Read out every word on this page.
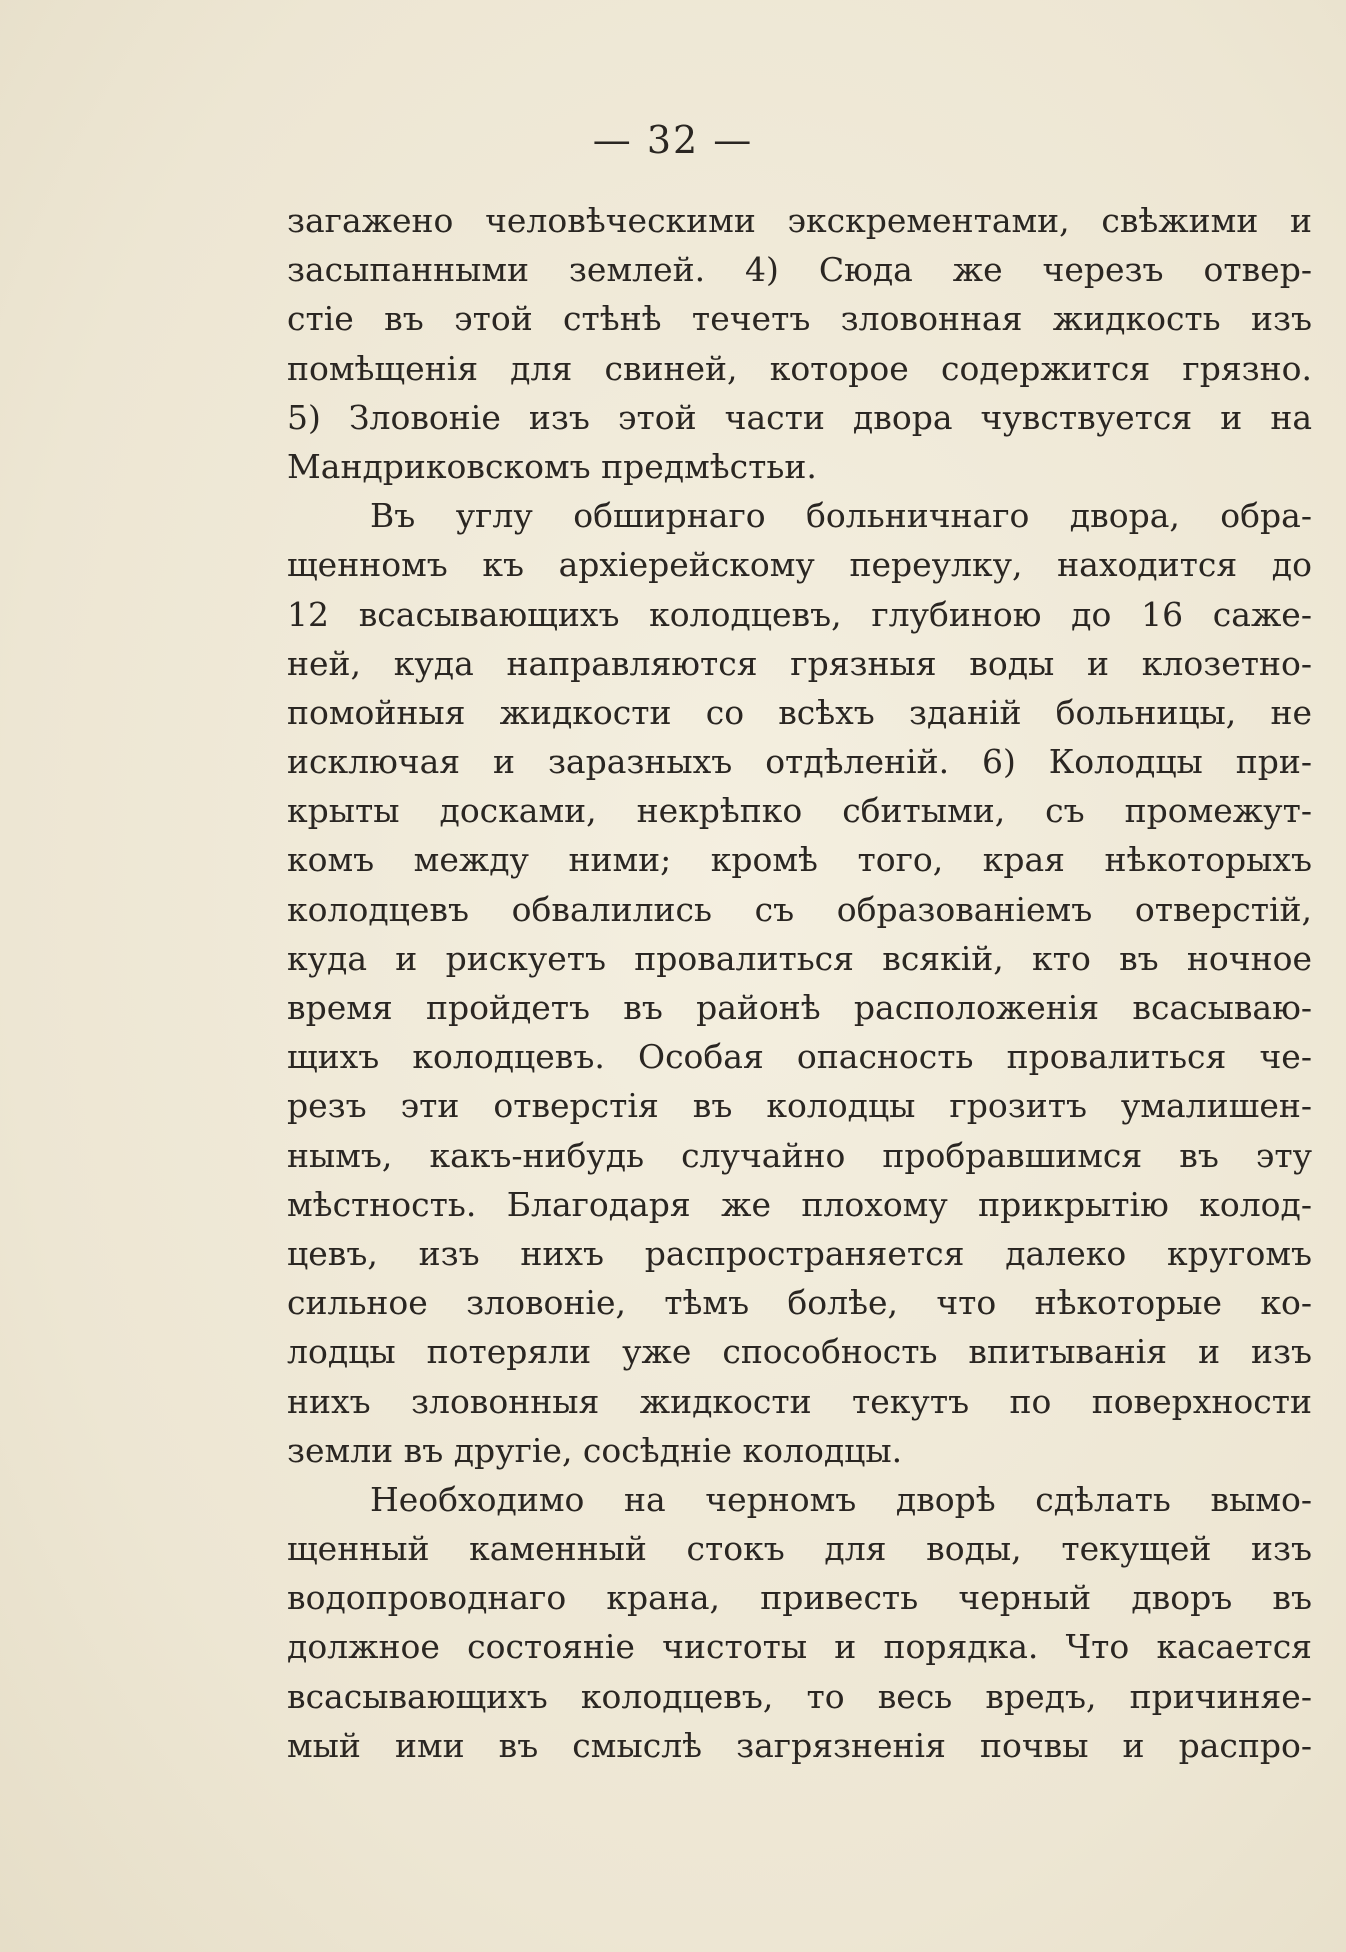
— 32 —
загажено человѣческими экскрементами, свѣжими и
засыпанными землей. 4) Сюда же черезъ отвер-
стіе въ этой стѣнѣ течетъ зловонная жидкость изъ
помѣщенія для свиней, которое содержится грязно.
5) Зловоніе изъ этой части двора чувствуется и на
Мандриковскомъ предмѣстьи.
Въ углу обширнаго больничнаго двора, обра-
щенномъ къ архіерейскому переулку, находится до
12 всасывающихъ колодцевъ, глубиною до 16 саже-
ней, куда направляются грязныя воды и клозетно-
помойныя жидкости со всѣхъ зданій больницы, не
исключая и заразныхъ отдѣленій. 6) Колодцы при-
крыты досками, некрѣпко сбитыми, съ промежут-
комъ между ними; кромѣ того, края нѣкоторыхъ
колодцевъ обвалились съ образованіемъ отверстій,
куда и рискуетъ провалиться всякій, кто въ ночное
время пройдетъ въ районѣ расположенія всасываю-
щихъ колодцевъ. Особая опасность провалиться че-
резъ эти отверстія въ колодцы грозитъ умалишен-
нымъ, какъ-нибудь случайно пробравшимся въ эту
мѣстность. Благодаря же плохому прикрытію колод-
цевъ, изъ нихъ распространяется далеко кругомъ
сильное зловоніе, тѣмъ болѣе, что нѣкоторые ко-
лодцы потеряли уже способность впитыванія и изъ
нихъ зловонныя жидкости текутъ по поверхности
земли въ другіе, сосѣдніе колодцы.
Необходимо на черномъ дворѣ сдѣлать вымо-
щенный каменный стокъ для воды, текущей изъ
водопроводнаго крана, привесть черный дворъ въ
должное состояніе чистоты и порядка. Что касается
всасывающихъ колодцевъ, то весь вредъ, причиняе-
мый ими въ смыслѣ загрязненія почвы и распро-
